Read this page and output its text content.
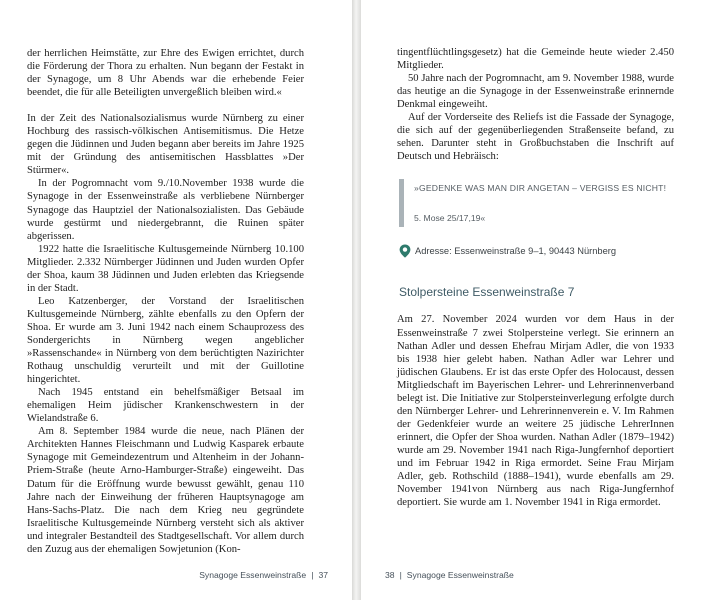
der herrlichen Heimstätte, zur Ehre des Ewigen errichtet, durch die Förderung der Thora zu erhalten. Nun begann der Festakt in der Synagoge, um 8 Uhr Abends war die erhebende Feier beendet, die für alle Beteiligten unvergeßlich bleiben wird.«

In der Zeit des Nationalsozialismus wurde Nürnberg zu einer Hochburg des rassisch-völkischen Antisemitismus. Die Hetze gegen die Jüdinnen und Juden begann aber bereits im Jahre 1925 mit der Gründung des antisemitischen Hassblattes »Der Stürmer«.

In der Pogromnacht vom 9./10.November 1938 wurde die Synagoge in der Essenweinstraße als verbliebene Nürnberger Synagoge das Hauptziel der Nationalsozialisten. Das Gebäude wurde gestürmt und niedergebrannt, die Ruinen später abgerissen.

1922 hatte die Israelitische Kultusgemeinde Nürnberg 10.100 Mitglieder. 2.332 Nürnberger Jüdinnen und Juden wurden Opfer der Shoa, kaum 38 Jüdinnen und Juden erlebten das Kriegsende in der Stadt.

Leo Katzenberger, der Vorstand der Israelitischen Kultusgemeinde Nürnberg, zählte ebenfalls zu den Opfern der Shoa. Er wurde am 3. Juni 1942 nach einem Schauprozess des Sondergerichts in Nürnberg wegen angeblicher »Rassenschande« in Nürnberg von dem berüchtigten Nazirichter Rothaug unschuldig verurteilt und mit der Guillotine hingerichtet.

Nach 1945 entstand ein behelfsmäßiger Betsaal im ehemaligen Heim jüdischer Krankenschwestern in der Wielandstraße 6.

Am 8. September 1984 wurde die neue, nach Plänen der Architekten Hannes Fleischmann und Ludwig Kasparek erbaute Synagoge mit Gemeindezentrum und Altenheim in der Johann-Priem-Straße (heute Arno-Hamburger-Straße) eingeweiht. Das Datum für die Eröffnung wurde bewusst gewählt, genau 110 Jahre nach der Einweihung der früheren Hauptsynagoge am Hans-Sachs-Platz. Die nach dem Krieg neu gegründete Israelitische Kultusgemeinde Nürnberg versteht sich als aktiver und integraler Bestandteil des Stadtgesellschaft. Vor allem durch den Zuzug aus der ehemaligen Sowjetunion (Kon-

Synagoge Essenweinstraße | 37

tingentflüchtlingsgesetz) hat die Gemeinde heute wieder 2.450 Mitglieder.

50 Jahre nach der Pogromnacht, am 9. November 1988, wurde das heutige an die Synagoge in der Essenweinstraße erinnernde Denkmal eingeweiht.

Auf der Vorderseite des Reliefs ist die Fassade der Synagoge, die sich auf der gegenüberliegenden Straßenseite befand, zu sehen. Darunter steht in Großbuchstaben die Inschrift auf Deutsch und Hebräisch:

»GEDENKE WAS MAN DIR ANGETAN – VERGISS ES NICHT!
5. Mose 25/17,19«
Adresse: Essenweinstraße 9–1, 90443 Nürnberg
Stolpersteine Essenweinstraße 7

Am 27. November 2024 wurden vor dem Haus in der Essenweinstraße 7 zwei Stolpersteine verlegt. Sie erinnern an Nathan Adler und dessen Ehefrau Mirjam Adler, die von 1933 bis 1938 hier gelebt haben. Nathan Adler war Lehrer und jüdischen Glaubens. Er ist das erste Opfer des Holocaust, dessen Mitgliedschaft im Bayerischen Lehrer- und Lehrerinnenverband belegt ist. Die Initiative zur Stolpersteinverlegung erfolgte durch den Nürnberger Lehrer- und Lehrerinnenverein e. V. Im Rahmen der Gedenkfeier wurde an weitere 25 jüdische LehrerInnen erinnert, die Opfer der Shoa wurden. Nathan Adler (1879–1942) wurde am 29. November 1941 nach Riga-Jungfernhof deportiert und im Februar 1942 in Riga ermordet. Seine Frau Mirjam Adler, geb. Rothschild (1888–1941), wurde ebenfalls am 29. November 1941von Nürnberg aus nach Riga-Jungfernhof deportiert. Sie wurde am 1. November 1941 in Riga ermordet.

38 | Synagoge Essenweinstraße
